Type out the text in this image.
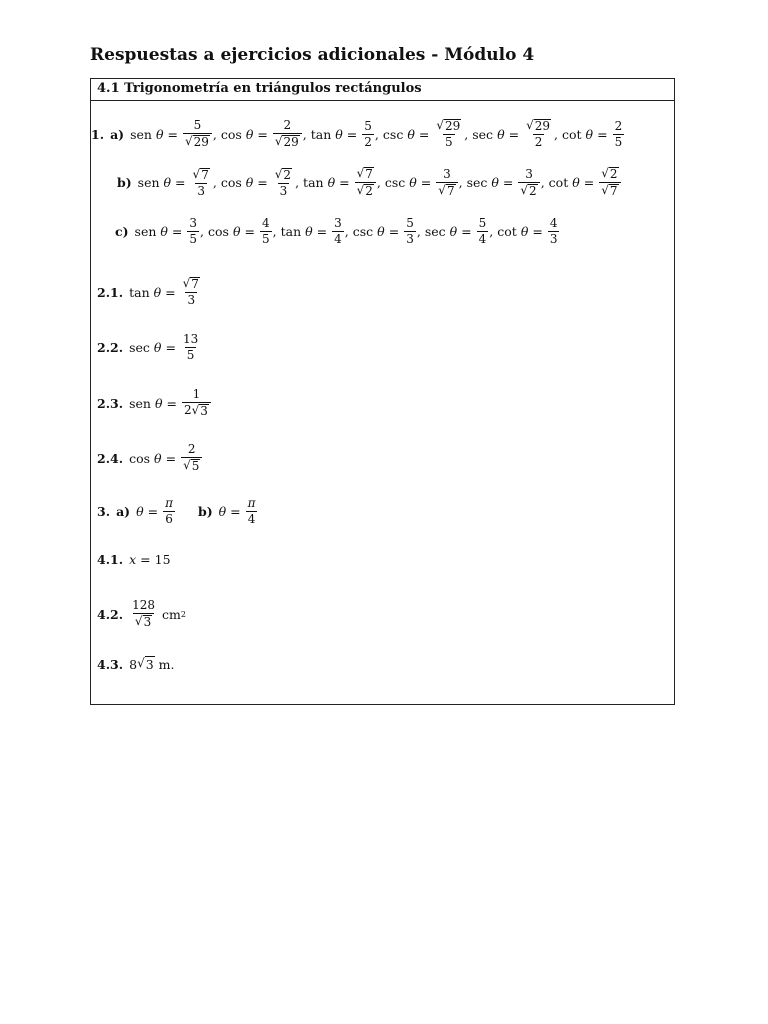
Respuestas a ejercicios adicionales - Módulo 4
4.1 Trigonometría en triángulos rectángulos
1. a) sen
$\theta = \frac{5}{√ 29}$ , cos
$\theta = \frac{2}{√ 29}$ , tan
$\theta = \frac{5}{2}$ , csc
$\theta = \frac{√ 29}{5}$ , sec
$\theta = \frac{√ 29}{2}$ , cot
$\theta = \frac{2}{5}$
b) sen
$\theta = \frac{√ 7}{3}$ , cos
$\theta = \frac{√ 2}{3}$ , tan
$\theta = \frac{√ 7}{√ 2}$ , csc
$\theta = \frac{3}{√ 7}$ , sec
$\theta = \frac{3}{√ 2}$ , cot
$\theta = \frac{√ 2}{√ 7}$
c) sen
$\theta = \frac{3}{5}$ , cos
$\theta = \frac{4}{5}$ , tan
$\theta = \frac{3}{4}$ , csc
$\theta = \frac{5}{3}$ , sec
$\theta = \frac{5}{4}$ , cot
$\theta = \frac{4}{3}$
2.1. tan
$\theta = \frac{√ 7}{3}$
2.2. sec
$\theta = \frac{13}{5}$
2.3. sen
$\theta = \frac{1}{2 √ 3}$
2.4. cos
$\theta = \frac{2}{√ 5}$
3. a) $\theta = \frac{\pi}{6} b$) $\theta = \frac{\pi}{4}$
4.1. x = 15
4.2. $\frac{128}{√ 3}$
cm 2
4.3. 8 √ 3
m.
